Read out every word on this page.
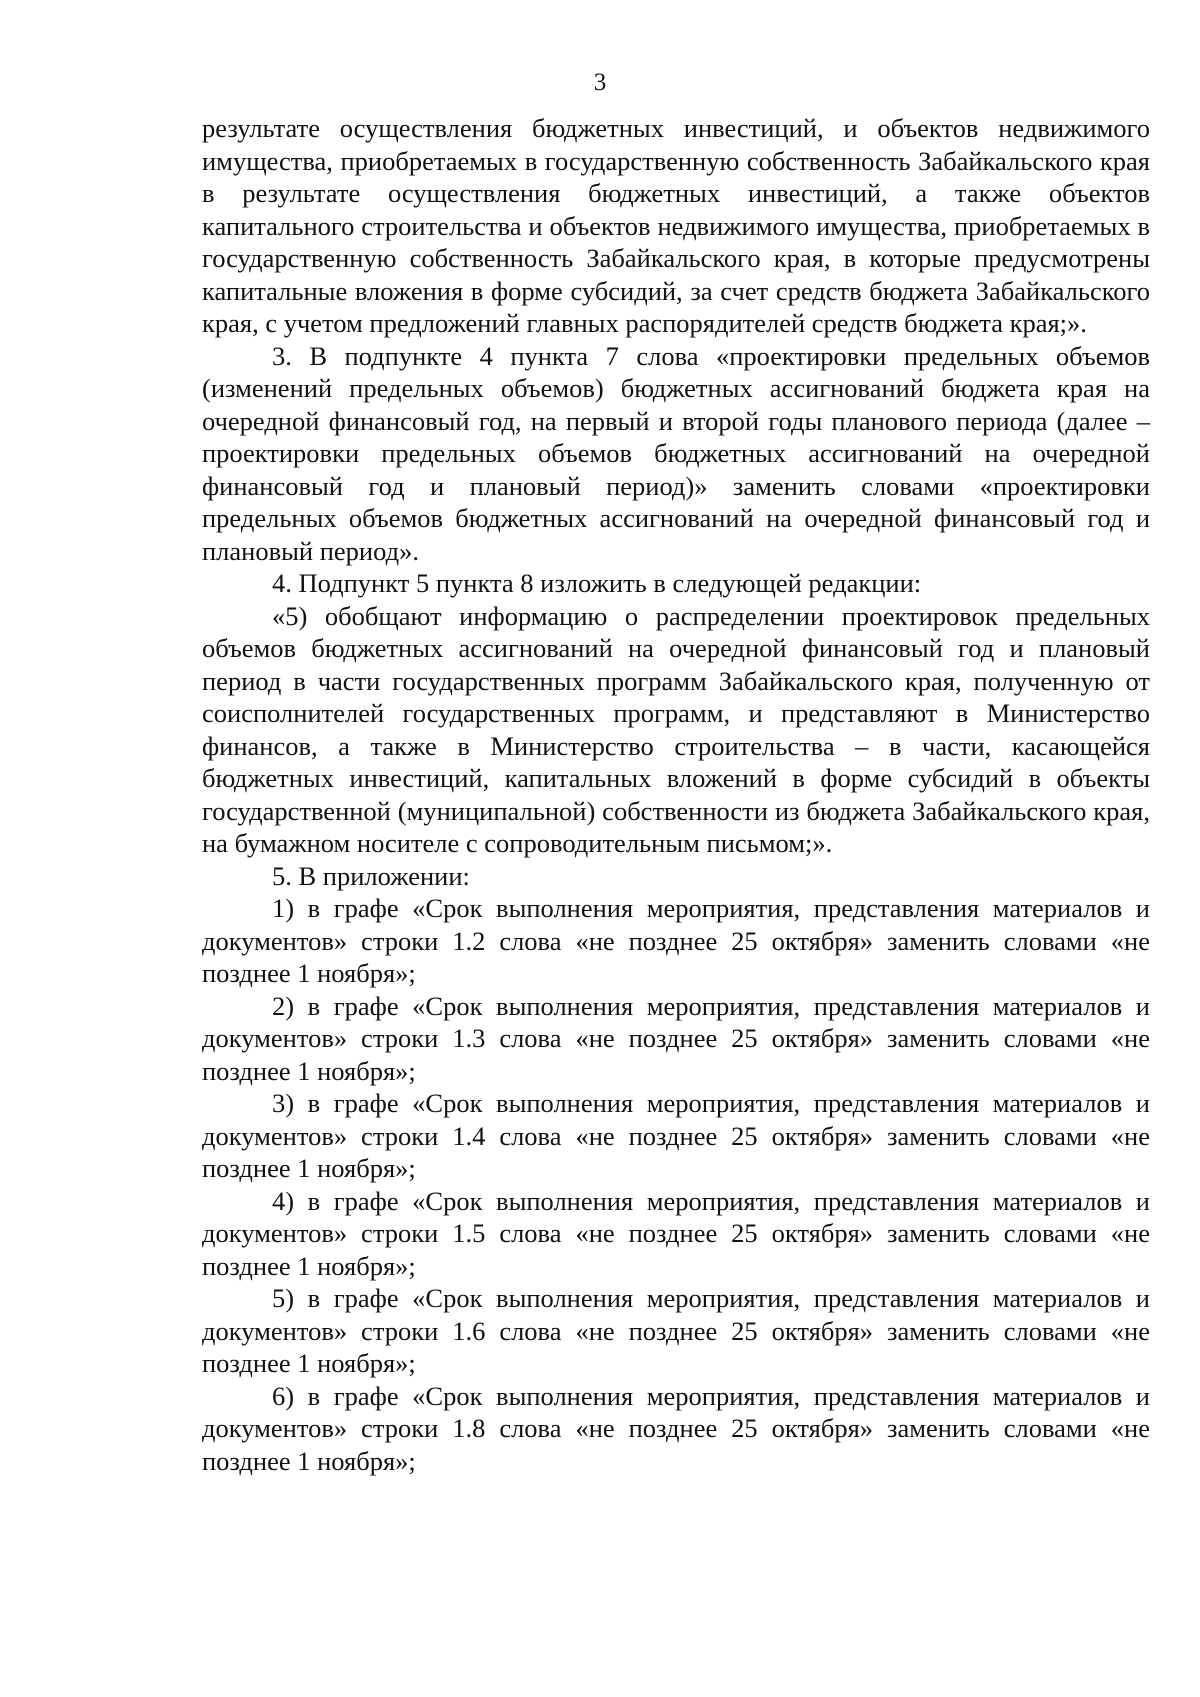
3

результате осуществления бюджетных инвестиций, и объектов недвижимого имущества, приобретаемых в государственную собственность Забайкальского края в результате осуществления бюджетных инвестиций, а также объектов капитального строительства и объектов недвижимого имущества, приобретаемых в государственную собственность Забайкальского края, в которые предусмотрены капитальные вложения в форме субсидий, за счет средств бюджета Забайкальского края, с учетом предложений главных распорядителей средств бюджета края;».

3. В подпункте 4 пункта 7 слова «проектировки предельных объемов (изменений предельных объемов) бюджетных ассигнований бюджета края на очередной финансовый год, на первый и второй годы планового периода (далее – проектировки предельных объемов бюджетных ассигнований на очередной финансовый год и плановый период)» заменить словами «проектировки предельных объемов бюджетных ассигнований на очередной финансовый год и плановый период».

4. Подпункт 5 пункта 8 изложить в следующей редакции:

«5) обобщают информацию о распределении проектировок предельных объемов бюджетных ассигнований на очередной финансовый год и плановый период в части государственных программ Забайкальского края, полученную от соисполнителей государственных программ, и представляют в Министерство финансов, а также в Министерство строительства – в части, касающейся бюджетных инвестиций, капитальных вложений в форме субсидий в объекты государственной (муниципальной) собственности из бюджета Забайкальского края, на бумажном носителе с сопроводительным письмом;».

5. В приложении:

1) в графе «Срок выполнения мероприятия, представления материалов и документов» строки 1.2 слова «не позднее 25 октября» заменить словами «не позднее 1 ноября»;

2) в графе «Срок выполнения мероприятия, представления материалов и документов» строки 1.3 слова «не позднее 25 октября» заменить словами «не позднее 1 ноября»;

3) в графе «Срок выполнения мероприятия, представления материалов и документов» строки 1.4 слова «не позднее 25 октября» заменить словами «не позднее 1 ноября»;

4) в графе «Срок выполнения мероприятия, представления материалов и документов» строки 1.5 слова «не позднее 25 октября» заменить словами «не позднее 1 ноября»;

5) в графе «Срок выполнения мероприятия, представления материалов и документов» строки 1.6 слова «не позднее 25 октября» заменить словами «не позднее 1 ноября»;

6) в графе «Срок выполнения мероприятия, представления материалов и документов» строки 1.8 слова «не позднее 25 октября» заменить словами «не позднее 1 ноября»;
